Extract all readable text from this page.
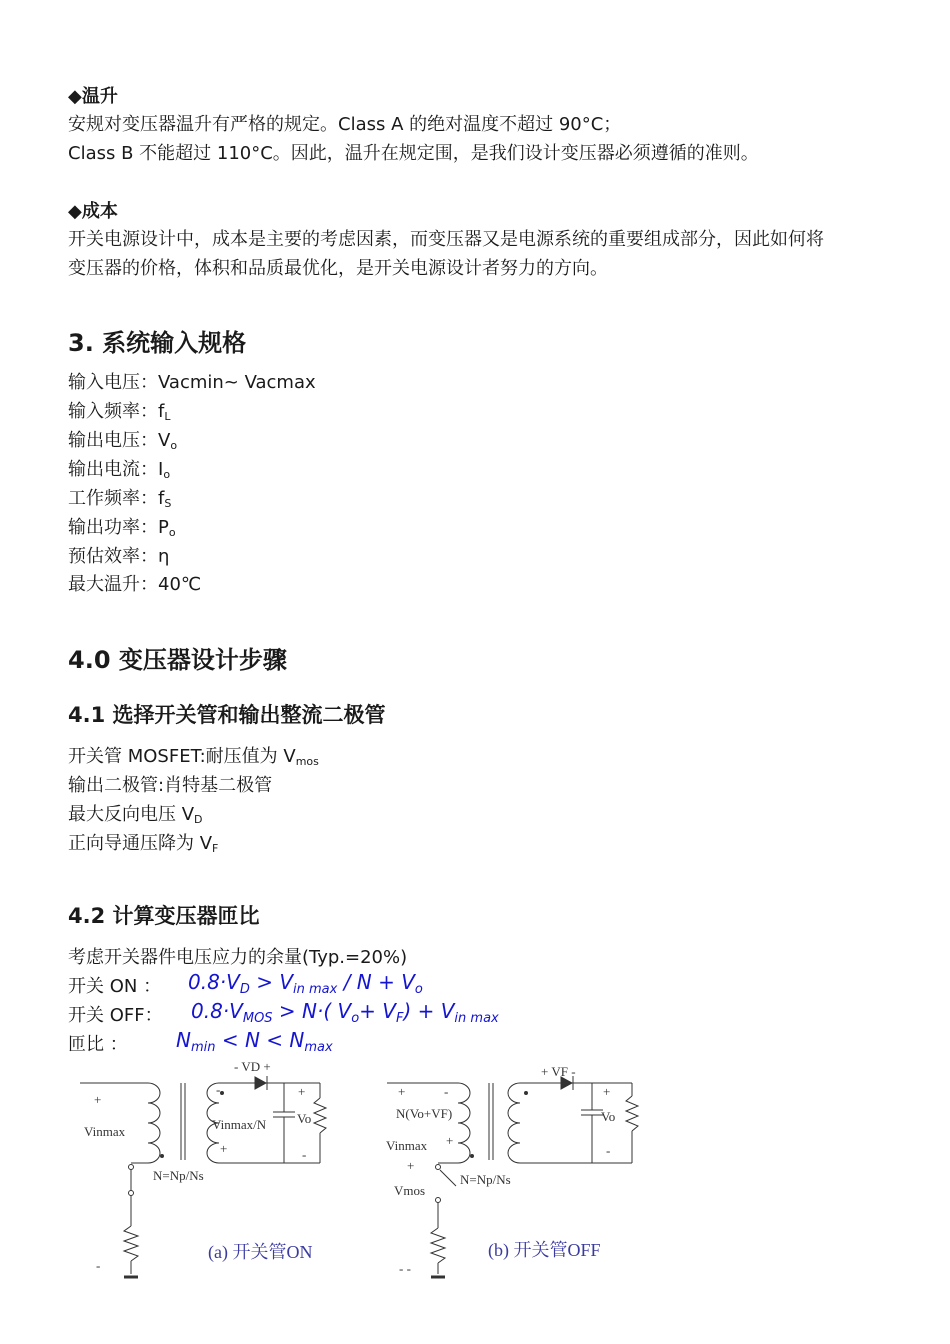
◆温升
安规对变压器温升有严格的规定。Class A 的绝对温度不超过 90°C；
Class B 不能超过 110°C。因此，温升在规定围，是我们设计变压器必须遵循的准则。
◆成本
开关电源设计中，成本是主要的考虑因素，而变压器又是电源系统的重要组成部分，因此如何将
变压器的价格，体积和品质最优化，是开关电源设计者努力的方向。
3. 系统输入规格
输入电压：Vacmin~ Vacmax
输入频率：$f_L$
输出电压：$V_o$
输出电流：$I_o$
工作频率：$f_S$
输出功率：$P_o$
预估效率：η
最大温升：40℃
4.0 变压器设计步骤
4.1 选择开关管和输出整流二极管
开关管 MOSFET:耐压值为 $V_{mos}$
输出二极管:肖特基二极管
最大反向电压 $V_D$
正向导通压降为 $V_F$
4.2 计算变压器匝比
考虑开关器件电压应力的余量(Typ.=20%)
开关 ON ： $0.8\cdot V_D > V_{in max} / N + V_o$
开关 OFF： $0.8\cdot V_{MOS} > N\cdot$( $V_o+ V_F) + V_{in max}$
匝比 ： $N_{min} < N < N_{max}$
+
Vinmax
-
- VD +
-
Vinmax/N
+
+
Vo
-
N=Np/Ns
(a) 开关管ON
+ VF -
+	-
N(Vo+VF)
Vinmax +
+
Vmos
- -
+
Vo
-
N=Np/Ns
(b) 开关管OFF
